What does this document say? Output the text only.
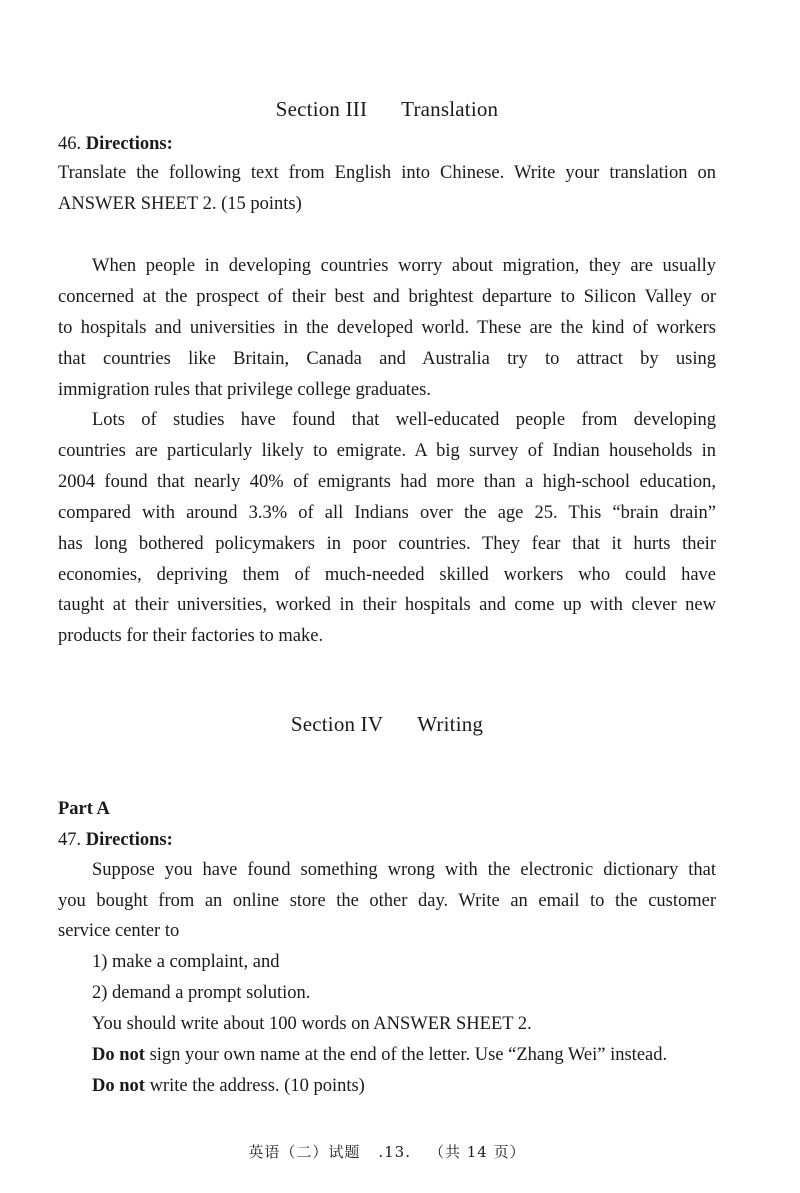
Section III Translation
46. Directions:
Translate the following text from English into Chinese. Write your translation on
ANSWER SHEET 2. (15 points)
When people in developing countries worry about migration, they are usually
concerned at the prospect of their best and brightest departure to Silicon Valley or
to hospitals and universities in the developed world. These are the kind of workers
that countries like Britain, Canada and Australia try to attract by using
immigration rules that privilege college graduates.
Lots of studies have found that well-educated people from developing
countries are particularly likely to emigrate. A big survey of Indian households in
2004 found that nearly 40% of emigrants had more than a high-school education,
compared with around 3.3% of all Indians over the age 25. This “brain drain”
has long bothered policymakers in poor countries. They fear that it hurts their
economies, depriving them of much-needed skilled workers who could have
taught at their universities, worked in their hospitals and come up with clever new
products for their factories to make.
Section IV Writing
Part A
47. Directions:
Suppose you have found something wrong with the electronic dictionary that
you bought from an online store the other day. Write an email to the customer
service center to
1) make a complaint, and
2) demand a prompt solution.
You should write about 100 words on ANSWER SHEET 2.
Do not sign your own name at the end of the letter. Use “Zhang Wei” instead.
Do not write the address. (10 points)
英语（二）试题 .13. （共 14 页）
